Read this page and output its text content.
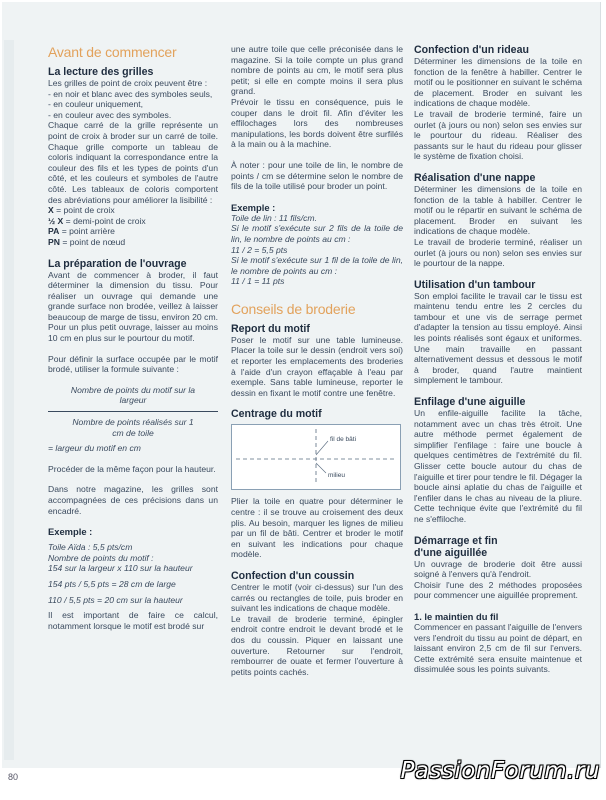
Avant de commencer
La lecture des grilles

Les grilles de point de croix peuvent être :

- en noir et blanc avec des symboles seuls,

- en couleur uniquement,

- en couleur avec des symboles.

Chaque carré de la grille représente un point de croix à broder sur un carré de toile. Chaque grille comporte un tableau de coloris indiquant la correspondance entre la couleur des fils et les types de points d'un côté, et les couleurs et symboles de l'autre côté. Les tableaux de coloris comportent des abréviations pour améliorer la lisibilité :

X = point de croix

½ X = demi-point de croix

PA = point arrière

PN = point de nœud

La préparation de l'ouvrage

Avant de commencer à broder, il faut déterminer la dimension du tissu. Pour réaliser un ouvrage qui demande une grande surface non brodée, veillez à laisser beaucoup de marge de tissu, environ 20 cm. Pour un plus petit ouvrage, laisser au moins 10 cm en plus sur le pourtour du motif.

Pour définir la surface occupée par le motif brodé, utiliser la formule suivante :

Nombre de points du motif sur la largeur

Nombre de points réalisés sur 1 cm de toile

= largeur du motif en cm

Procéder de la même façon pour la hauteur.

Dans notre magazine, les grilles sont accompagnées de ces précisions dans un encadré.

Exemple :

Toile Aïda : 5,5 pts/cm

Nombre de points du motif :

154 sur la largeur x 110 sur la hauteur

154 pts / 5,5 pts = 28 cm de large

110 / 5,5 pts = 20 cm sur la hauteur

Il est important de faire ce calcul, notamment lorsque le motif est brodé sur

une autre toile que celle préconisée dans le magazine. Si la toile compte un plus grand nombre de points au cm, le motif sera plus petit; si elle en compte moins il sera plus grand.

Prévoir le tissu en conséquence, puis le couper dans le droit fil. Afin d'éviter les effilochages lors des nombreuses manipulations, les bords doivent être surfilés à la main ou à la machine.

À noter : pour une toile de lin, le nombre de points / cm se détermine selon le nombre de fils de la toile utilisé pour broder un point.

Exemple :

Toile de lin : 11 fils/cm.

Si le motif s'exécute sur 2 fils de la toile de lin, le nombre de points au cm :

11 / 2 = 5,5 pts

Si le motif s'exécute sur 1 fil de la toile de lin, le nombre de points au cm :

11 / 1 = 11 pts

Conseils de broderie
Report du motif

Poser le motif sur une table lumineuse. Placer la toile sur le dessin (endroit vers soi) et reporter les emplacements des broderies à l'aide d'un crayon effaçable à l'eau par exemple. Sans table lumineuse, reporter le dessin en fixant le motif contre une fenêtre.

Centrage du motif
fil de bâti
milieu

Plier la toile en quatre pour déterminer le centre : il se trouve au croisement des deux plis. Au besoin, marquer les lignes de milieu par un fil de bâti. Centrer et broder le motif en suivant les indications pour chaque modèle.

Confection d'un coussin

Centrer le motif (voir ci-dessus) sur l'un des carrés ou rectangles de toile, puis broder en suivant les indications de chaque modèle.

Le travail de broderie terminé, épingler endroit contre endroit le devant brodé et le dos du coussin. Piquer en laissant une ouverture. Retourner sur l'endroit, rembourrer de ouate et fermer l'ouverture à petits points cachés.

Confection d'un rideau

Déterminer les dimensions de la toile en fonction de la fenêtre à habiller. Centrer le motif ou le positionner en suivant le schéma de placement. Broder en suivant les indications de chaque modèle.

Le travail de broderie terminé, faire un ourlet (à jours ou non) selon ses envies sur le pourtour du rideau. Réaliser des passants sur le haut du rideau pour glisser le système de fixation choisi.

Réalisation d'une nappe

Déterminer les dimensions de la toile en fonction de la table à habiller. Centrer le motif ou le répartir en suivant le schéma de placement. Broder en suivant les indications de chaque modèle.

Le travail de broderie terminé, réaliser un ourlet (à jours ou non) selon ses envies sur le pourtour de la nappe.

Utilisation d'un tambour

Son emploi facilite le travail car le tissu est maintenu tendu entre les 2 cercles du tambour et une vis de serrage permet d'adapter la tension au tissu employé. Ainsi les points réalisés sont égaux et uniformes. Une main travaille en passant alternativement dessus et dessous le motif à broder, quand l'autre maintient simplement le tambour.

Enfilage d'une aiguille

Un enfile-aiguille facilite la tâche, notamment avec un chas très étroit. Une autre méthode permet également de simplifier l'enfilage : faire une boucle à quelques centimètres de l'extrémité du fil. Glisser cette boucle autour du chas de l'aiguille et tirer pour tendre le fil. Dégager la boucle ainsi aplatie du chas de l'aiguille et l'enfiler dans le chas au niveau de la pliure. Cette technique évite que l'extrémité du fil ne s'effiloche.

Démarrage et fin
d'une aiguillée

Un ouvrage de broderie doit être aussi soigné à l'envers qu'à l'endroit.

Choisir l'une des 2 méthodes proposées pour commencer une aiguillée proprement.

1. le maintien du fil

Commencer en passant l'aiguille de l'envers vers l'endroit du tissu au point de départ, en laissant environ 2,5 cm de fil sur l'envers. Cette extrémité sera ensuite maintenue et dissimulée sous les points suivants.

80	PassionForum.ru
